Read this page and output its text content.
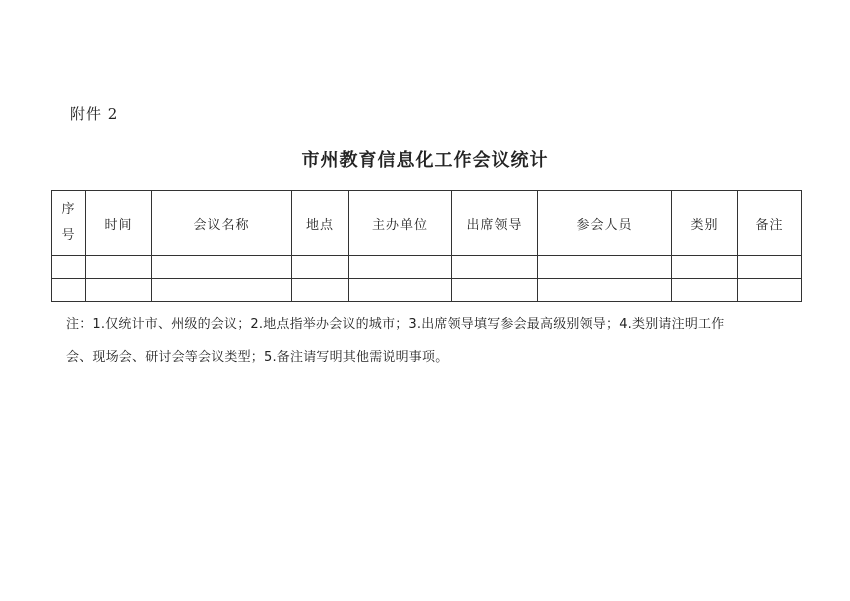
附件 2
市州教育信息化工作会议统计
序
号	时间	会议名称	地点	主办单位	出席领导	参会人员	类别	备注

注：1.仅统计市、州级的会议；2.地点指举办会议的城市；3.出席领导填写参会最高级别领导；4.类别请注明工作
会、现场会、研讨会等会议类型；5.备注请写明其他需说明事项。
